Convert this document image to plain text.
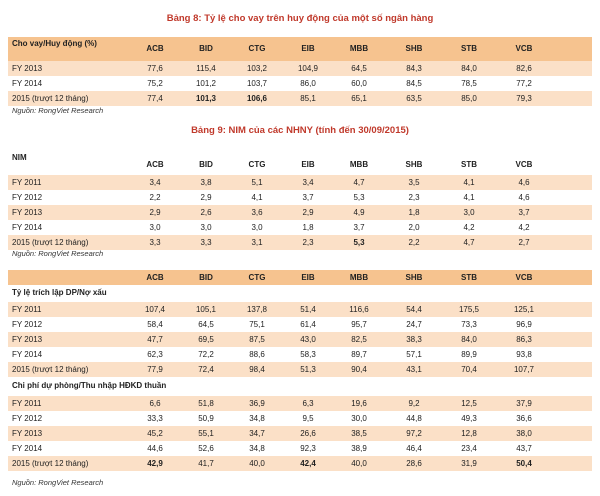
Bảng 8: Tỷ lệ cho vay trên huy động của một số ngân hàng
Cho vay/Huy động (%)
ACB	BID	CTG	EIB	MBB	SHB	STB	VCB
FY 2013	77,6	115,4	103,2	104,9	64,5	84,3	84,0	82,6
FY 2014	75,2	101,2	103,7	86,0	60,0	84,5	78,5	77,2
2015 (trượt 12 tháng)	77,4	101,3	106,6	85,1	65,1	63,5	85,0	79,3
Nguồn: RongViet Research
Bảng 9: NIM của các NHNY (tính đến 30/09/2015)
NIM
ACB	BID	CTG	EIB	MBB	SHB	STB	VCB
FY 2011	3,4	3,8	5,1	3,4	4,7	3,5	4,1	4,6
FY 2012	2,2	2,9	4,1	3,7	5,3	2,3	4,1	4,6
FY 2013	2,9	2,6	3,6	2,9	4,9	1,8	3,0	3,7
FY 2014	3,0	3,0	3,0	1,8	3,7	2,0	4,2	4,2
2015 (trượt 12 tháng)	3,3	3,3	3,1	2,3	5,3	2,2	4,7	2,7
Nguồn: RongViet Research
ACB	BID	CTG	EIB	MBB	SHB	STB	VCB
Tỷ lệ trích lập DP/Nợ xấu
FY 2011	107,4	105,1	137,8	51,4	116,6	54,4	175,5	125,1
FY 2012	58,4	64,5	75,1	61,4	95,7	24,7	73,3	96,9
FY 2013	47,7	69,5	87,5	43,0	82,5	38,3	84,0	86,3
FY 2014	62,3	72,2	88,6	58,3	89,7	57,1	89,9	93,8
2015 (trượt 12 tháng)	77,9	72,4	98,4	51,3	90,4	43,1	70,4	107,7
Chi phí dự phòng/Thu nhập HĐKD thuần
FY 2011	6,6	51,8	36,9	6,3	19,6	9,2	12,5	37,9
FY 2012	33,3	50,9	34,8	9,5	30,0	44,8	49,3	36,6
FY 2013	45,2	55,1	34,7	26,6	38,5	97,2	12,8	38,0
FY 2014	44,6	52,6	34,8	92,3	38,9	46,4	23,4	43,7
2015 (trượt 12 tháng)	42,9	41,7	40,0	42,4	40,0	28,6	31,9	50,4
Nguồn: RongViet Research
